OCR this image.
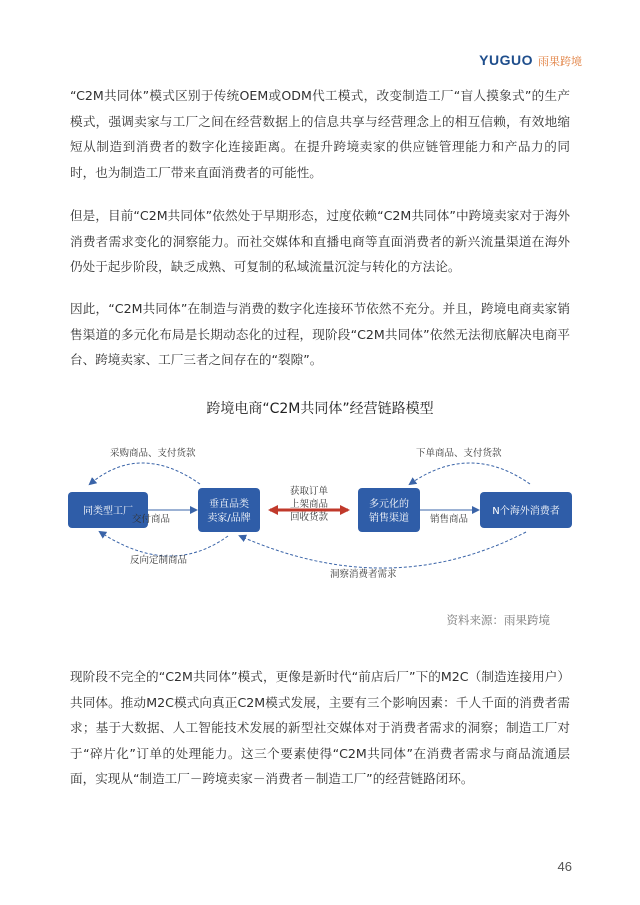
YUGUO 雨果跨境

“C2M共同体”模式区别于传统OEM或ODM代工模式，改变制造工厂“盲人摸象式”的生产模式，强调卖家与工厂之间在经营数据上的信息共享与经营理念上的相互信赖，有效地缩短从制造到消费者的数字化连接距离。在提升跨境卖家的供应链管理能力和产品力的同时，也为制造工厂带来直面消费者的可能性。

但是，目前“C2M共同体”依然处于早期形态，过度依赖“C2M共同体”中跨境卖家对于海外消费者需求变化的洞察能力。而社交媒体和直播电商等直面消费者的新兴流量渠道在海外仍处于起步阶段，缺乏成熟、可复制的私域流量沉淀与转化的方法论。

因此，“C2M共同体”在制造与消费的数字化连接环节依然不充分。并且，跨境电商卖家销售渠道的多元化布局是长期动态化的过程，现阶段“C2M共同体”依然无法彻底解决电商平台、跨境卖家、工厂三者之间存在的“裂隙”。

跨境电商“C2M共同体”经营链路模型
采购商品、支付货款	下单商品、支付货款
同类型工厂
垂直品类
卖家/品牌
多元化的
销售渠道
N个海外消费者
交付商品	销售商品
获取订单
上架商品
回收货款
反向定制商品
洞察消费者需求
资料来源：雨果跨境

现阶段不完全的“C2M共同体”模式，更像是新时代“前店后厂”下的M2C（制造连接用户）共同体。推动M2C模式向真正C2M模式发展，主要有三个影响因素：千人千面的消费者需求；基于大数据、人工智能技术发展的新型社交媒体对于消费者需求的洞察；制造工厂对于“碎片化”订单的处理能力。这三个要素使得“C2M共同体”在消费者需求与商品流通层面，实现从“制造工厂－跨境卖家－消费者－制造工厂”的经营链路闭环。

46
